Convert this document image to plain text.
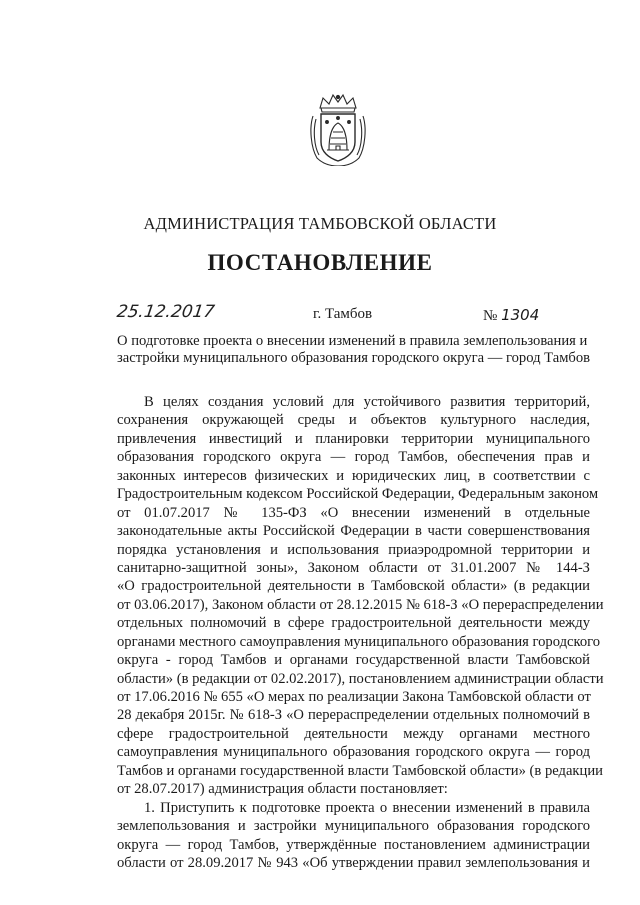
АДМИНИСТРАЦИЯ ТАМБОВСКОЙ ОБЛАСТИ
ПОСТАНОВЛЕНИЕ
25.12.2017	г. Тамбов	№ 1304
О подготовке проекта о внесении изменений в правила землепользования и
застройки муниципального образования городского округа — город Тамбов
В целях создания условий для устойчивого развития территорий,
сохранения окружающей среды и объектов культурного наследия,
привлечения инвестиций и планировки территории муниципального
образования городского округа — город Тамбов, обеспечения прав и
законных интересов физических и юридических лиц, в соответствии с
Градостроительным кодексом Российской Федерации, Федеральным законом
от 01.07.2017 № 135-ФЗ «О внесении изменений в отдельные
законодательные акты Российской Федерации в части совершенствования
порядка установления и использования приаэродромной территории и
санитарно-защитной зоны», Законом области от 31.01.2007 № 144-З
«О градостроительной деятельности в Тамбовской области» (в редакции
от 03.06.2017), Законом области от 28.12.2015 № 618-З «О перераспределении
отдельных полномочий в сфере градостроительной деятельности между
органами местного самоуправления муниципального образования городского
округа - город Тамбов и органами государственной власти Тамбовской
области» (в редакции от 02.02.2017), постановлением администрации области
от 17.06.2016 № 655 «О мерах по реализации Закона Тамбовской области от
28 декабря 2015г. № 618-З «О перераспределении отдельных полномочий в
сфере градостроительной деятельности между органами местного
самоуправления муниципального образования городского округа — город
Тамбов и органами государственной власти Тамбовской области» (в редакции
от 28.07.2017) администрация области постановляет:
1. Приступить к подготовке проекта о внесении изменений в правила
землепользования и застройки муниципального образования городского
округа — город Тамбов, утверждённые постановлением администрации
области от 28.09.2017 № 943 «Об утверждении правил землепользования и
